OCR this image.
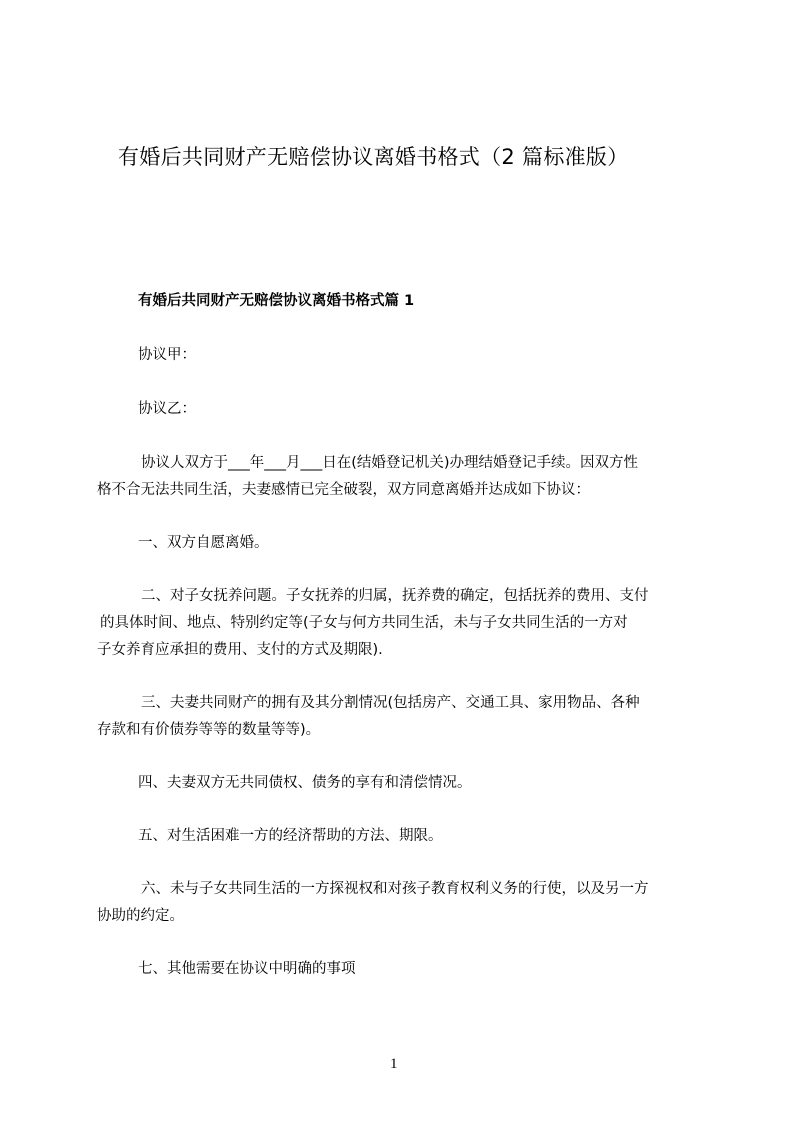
有婚后共同财产无赔偿协议离婚书格式（2 篇标准版）
有婚后共同财产无赔偿协议离婚书格式篇 1
协议甲：
协议乙：
协议人双方于___年___月___日在(结婚登记机关)办理结婚登记手续。因双方性
格不合无法共同生活，夫妻感情已完全破裂，双方同意离婚并达成如下协议：
一、双方自愿离婚。
二、对子女抚养问题。子女抚养的归属，抚养费的确定，包括抚养的费用、支付
的具体时间、地点、特别约定等(子女与何方共同生活，未与子女共同生活的一方对
子女养育应承担的费用、支付的方式及期限).
三、夫妻共同财产的拥有及其分割情况(包括房产、交通工具、家用物品、各种
存款和有价债券等等的数量等等)。
四、夫妻双方无共同债权、债务的享有和清偿情况。
五、对生活困难一方的经济帮助的方法、期限。
六、未与子女共同生活的一方探视权和对孩子教育权利义务的行使，以及另一方
协助的约定。
七、其他需要在协议中明确的事项
1
